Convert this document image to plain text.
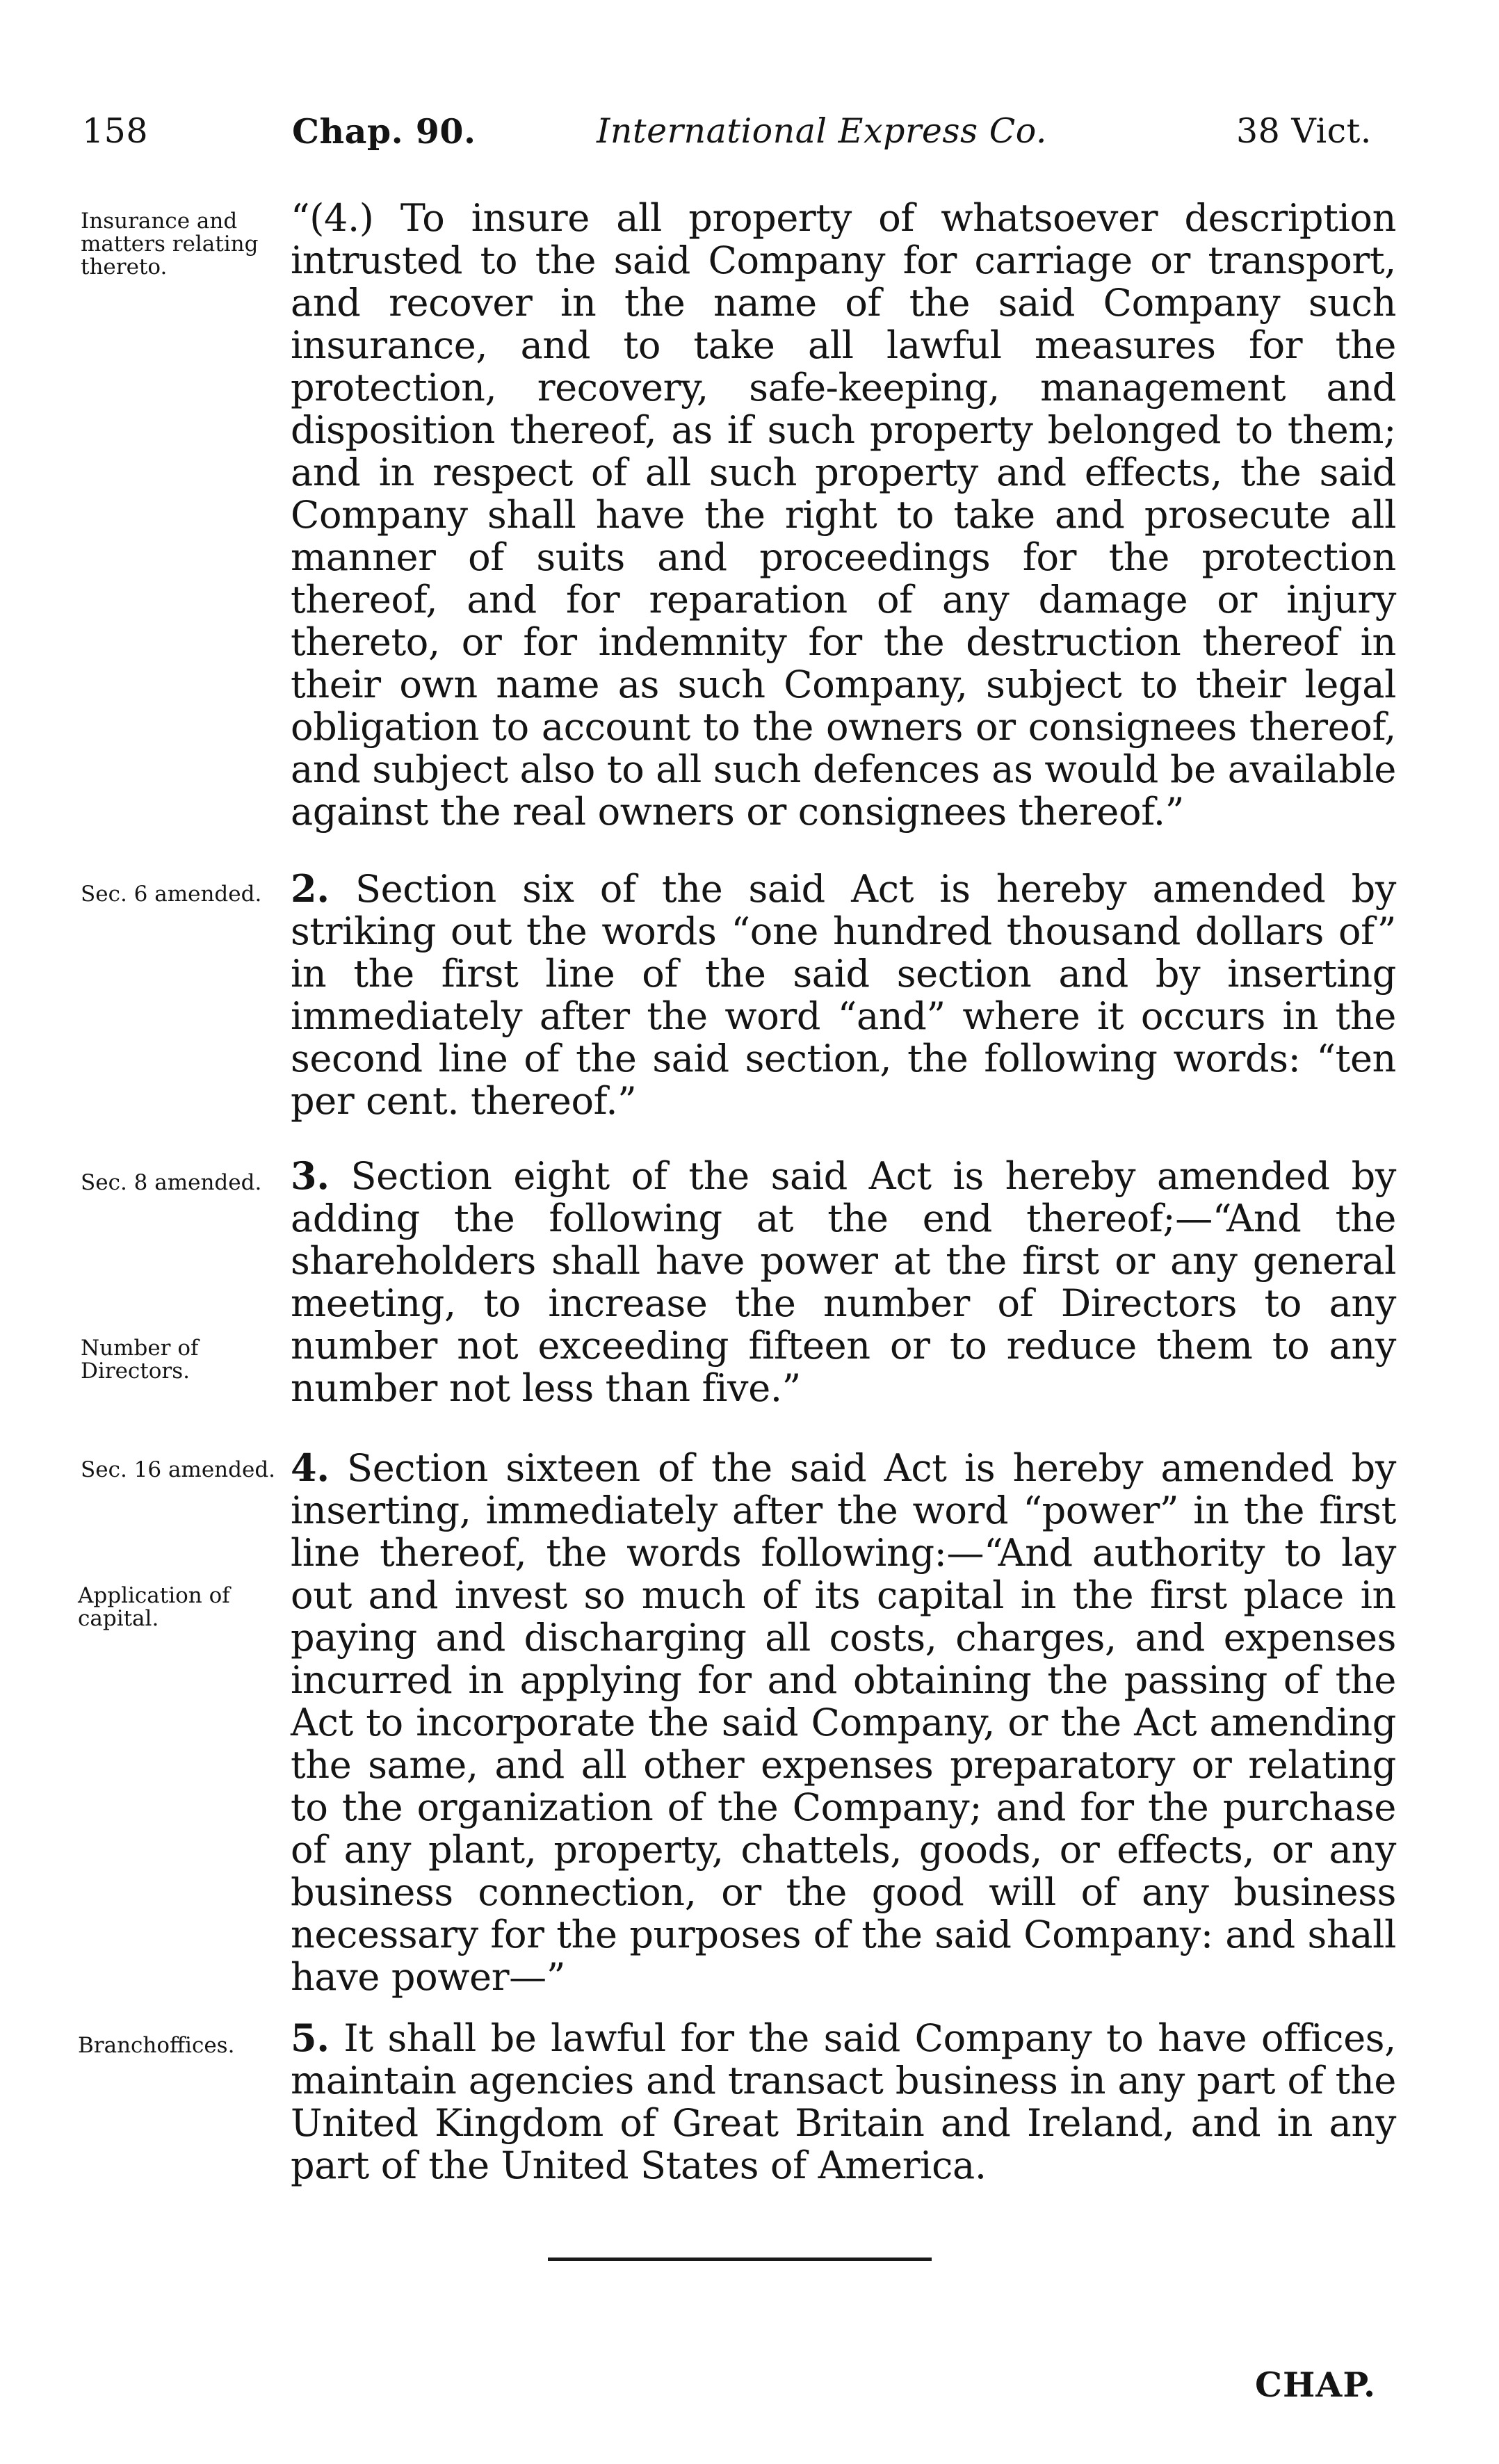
158	Chap. 90.	International Express Co.	38 Vict.

Insurance and matters relating thereto.

“(4.) To insure all property of whatsoever description intrusted to the said Company for carriage or transport, and recover in the name of the said Company such insurance, and to take all lawful measures for the protection, recovery, safe-keeping, management and disposition thereof, as if such property belonged to them; and in respect of all such property and effects, the said Company shall have the right to take and prosecute all manner of suits and proceedings for the protection thereof, and for reparation of any damage or injury thereto, or for indemnity for the destruction thereof in their own name as such Company, subject to their legal obligation to account to the owners or consignees thereof, and subject also to all such defences as would be available against the real owners or consignees thereof.”

Sec. 6 amended. 2. Section six of the said Act is hereby amended by striking out the words “one hundred thousand dollars of” in the first line of the said section and by inserting immediately after the word “and” where it occurs in the second line of the said section, the following words: “ten per cent. thereof.”

Sec. 8 amended.

Number of Directors.

3. Section eight of the said Act is hereby amended by adding the following at the end thereof;—“And the shareholders shall have power at the first or any general meeting, to increase the number of Directors to any number not exceeding fifteen or to reduce them to any number not less than five.”

Sec. 16 amended.

Application of capital.

4. Section sixteen of the said Act is hereby amended by inserting, immediately after the word “power” in the first line thereof, the words following:—“And authority to lay out and invest so much of its capital in the first place in paying and discharging all costs, charges, and expenses incurred in applying for and obtaining the passing of the Act to incorporate the said Company, or the Act amending the same, and all other expenses preparatory or relating to the organization of the Company; and for the purchase of any plant, property, chattels, goods, or effects, or any business connection, or the good will of any business necessary for the purposes of the said Company: and shall have power—”

Branchoffices.	5. It shall be lawful for the said Company to have offices, maintain agencies and transact business in any part of the United Kingdom of Great Britain and Ireland, and in any part of the United States of America.

CHAP.
